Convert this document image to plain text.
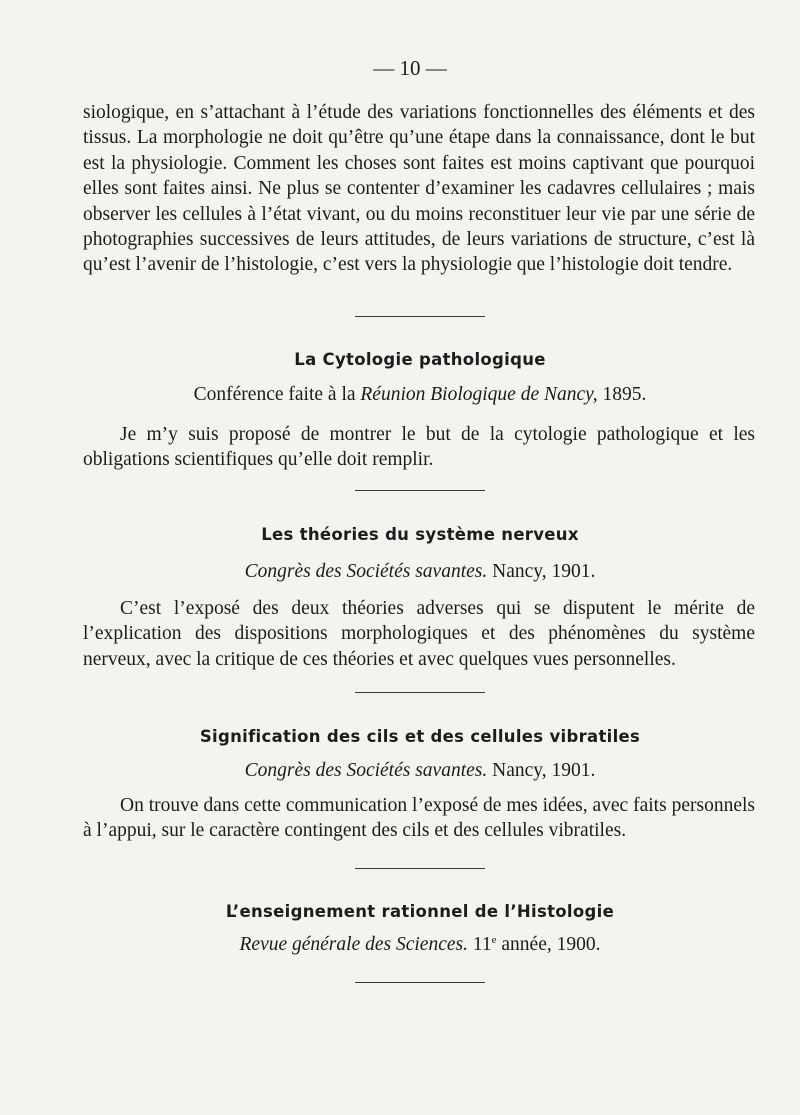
— 10 —
siologique, en s’attachant à l’étude des variations fonctionnelles des éléments et des tissus. La morphologie ne doit qu’être qu’une étape dans la connaissance, dont le but est la physiologie. Comment les choses sont faites est moins captivant que pourquoi elles sont faites ainsi. Ne plus se contenter d’examiner les cadavres cellulaires ; mais observer les cellules à l’état vivant, ou du moins reconstituer leur vie par une série de photographies successives de leurs attitudes, de leurs variations de structure, c’est là qu’est l’avenir de l’histologie, c’est vers la physiologie que l’histologie doit tendre.
La Cytologie pathologique
Conférence faite à la Réunion Biologique de Nancy, 1895.
Je m’y suis proposé de montrer le but de la cytologie pathologique et les obligations scientifiques qu’elle doit remplir.
Les théories du système nerveux
Congrès des Sociétés savantes. Nancy, 1901.
C’est l’exposé des deux théories adverses qui se disputent le mérite de l’explication des dispositions morphologiques et des phénomènes du système nerveux, avec la critique de ces théories et avec quelques vues personnelles.
Signification des cils et des cellules vibratiles
Congrès des Sociétés savantes. Nancy, 1901.
On trouve dans cette communication l’exposé de mes idées, avec faits personnels à l’appui, sur le caractère contingent des cils et des cellules vibratiles.
L’enseignement rationnel de l’Histologie
Revue générale des Sciences. 11e année, 1900.
